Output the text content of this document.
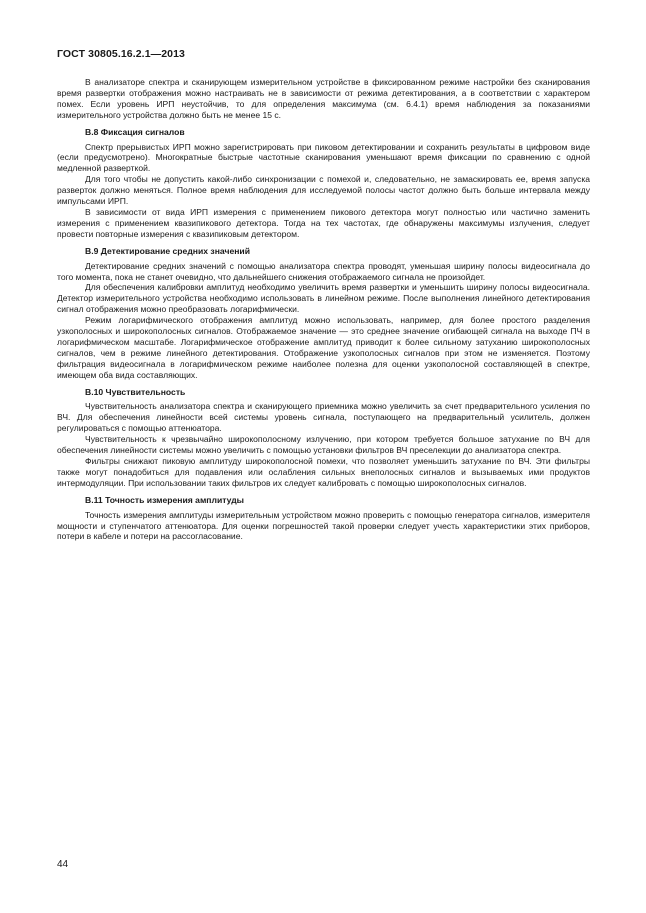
ГОСТ 30805.16.2.1—2013

В анализаторе спектра и сканирующем измерительном устройстве в фиксированном режиме настройки без сканирования время развертки отображения можно настраивать не в зависимости от режима детектирования, а в соответствии с характером помех. Если уровень ИРП неустойчив, то для определения максимума (см. 6.4.1) время наблюдения за показаниями измерительного устройства должно быть не менее 15 с.

В.8 Фиксация сигналов

Спектр прерывистых ИРП можно зарегистрировать при пиковом детектировании и сохранить результаты в цифровом виде (если предусмотрено). Многократные быстрые частотные сканирования уменьшают время фиксации по сравнению с одной медленной разверткой.

Для того чтобы не допустить какой-либо синхронизации с помехой и, следовательно, не замаскировать ее, время запуска разверток должно меняться. Полное время наблюдения для исследуемой полосы частот должно быть больше интервала между импульсами ИРП.

В зависимости от вида ИРП измерения с применением пикового детектора могут полностью или частично заменить измерения с применением квазипикового детектора. Тогда на тех частотах, где обнаружены максимумы излучения, следует провести повторные измерения с квазипиковым детектором.

В.9 Детектирование средних значений

Детектирование средних значений с помощью анализатора спектра проводят, уменьшая ширину полосы видеосигнала до того момента, пока не станет очевидно, что дальнейшего снижения отображаемого сигнала не произойдет.

Для обеспечения калибровки амплитуд необходимо увеличить время развертки и уменьшить ширину полосы видеосигнала. Детектор измерительного устройства необходимо использовать в линейном режиме. После выполнения линейного детектирования сигнал отображения можно преобразовать логарифмически.

Режим логарифмического отображения амплитуд можно использовать, например, для более простого разделения узкополосных и широкополосных сигналов. Отображаемое значение — это среднее значение огибающей сигнала на выходе ПЧ в логарифмическом масштабе. Логарифмическое отображение амплитуд приводит к более сильному затуханию широкополосных сигналов, чем в режиме линейного детектирования. Отображение узкополосных сигналов при этом не изменяется. Поэтому фильтрация видеосигнала в логарифмическом режиме наиболее полезна для оценки узкополосной составляющей в спектре, имеющем оба вида составляющих.

В.10 Чувствительность

Чувствительность анализатора спектра и сканирующего приемника можно увеличить за счет предварительного усиления по ВЧ. Для обеспечения линейности всей системы уровень сигнала, поступающего на предварительный усилитель, должен регулироваться с помощью аттенюатора.

Чувствительность к чрезвычайно широкополосному излучению, при котором требуется большое затухание по ВЧ для обеспечения линейности системы можно увеличить с помощью установки фильтров ВЧ преселекции до анализатора спектра.

Фильтры снижают пиковую амплитуду широкополосной помехи, что позволяет уменьшить затухание по ВЧ. Эти фильтры также могут понадобиться для подавления или ослабления сильных внеполосных сигналов и вызываемых ими продуктов интермодуляции. При использовании таких фильтров их следует калибровать с помощью широкополосных сигналов.

В.11 Точность измерения амплитуды

Точность измерения амплитуды измерительным устройством можно проверить с помощью генератора сигналов, измерителя мощности и ступенчатого аттенюатора. Для оценки погрешностей такой проверки следует учесть характеристики этих приборов, потери в кабеле и потери на рассогласование.

44
